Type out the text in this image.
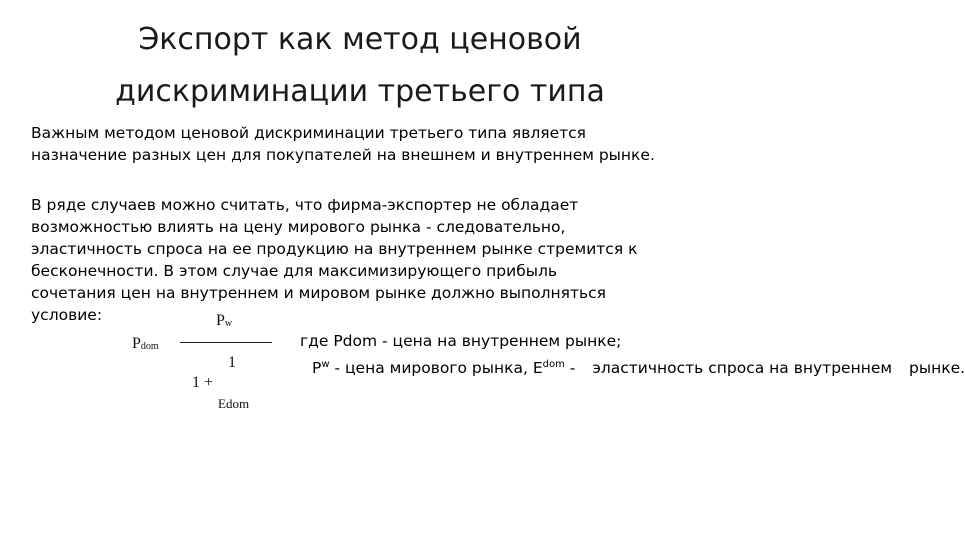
Экспорт как метод ценовой
дискриминации третьего типа
Важным методом ценовой дискриминации третьего типа является
назначение разных цен для покупателей на внешнем и внутреннем рынке.
В ряде случаев можно считать, что фирма-экспортер не обладает
возможностью влиять на цену мирового рынка - следовательно,
эластичность спроса на ее продукцию на внутреннем рынке стремится к
бесконечности. В этом случае для максимизирующего прибыль
сочетания цен на внутреннем и мировом рынке должно выполняться
условие:	$P_w$
$P_{dom}$
1
1 +
Edom
где Pdom - цена на внутреннем рынке;
$P^w$ - цена мирового рынка, $E^{dom}$ - эластичность спроса на внутреннем рынке.
